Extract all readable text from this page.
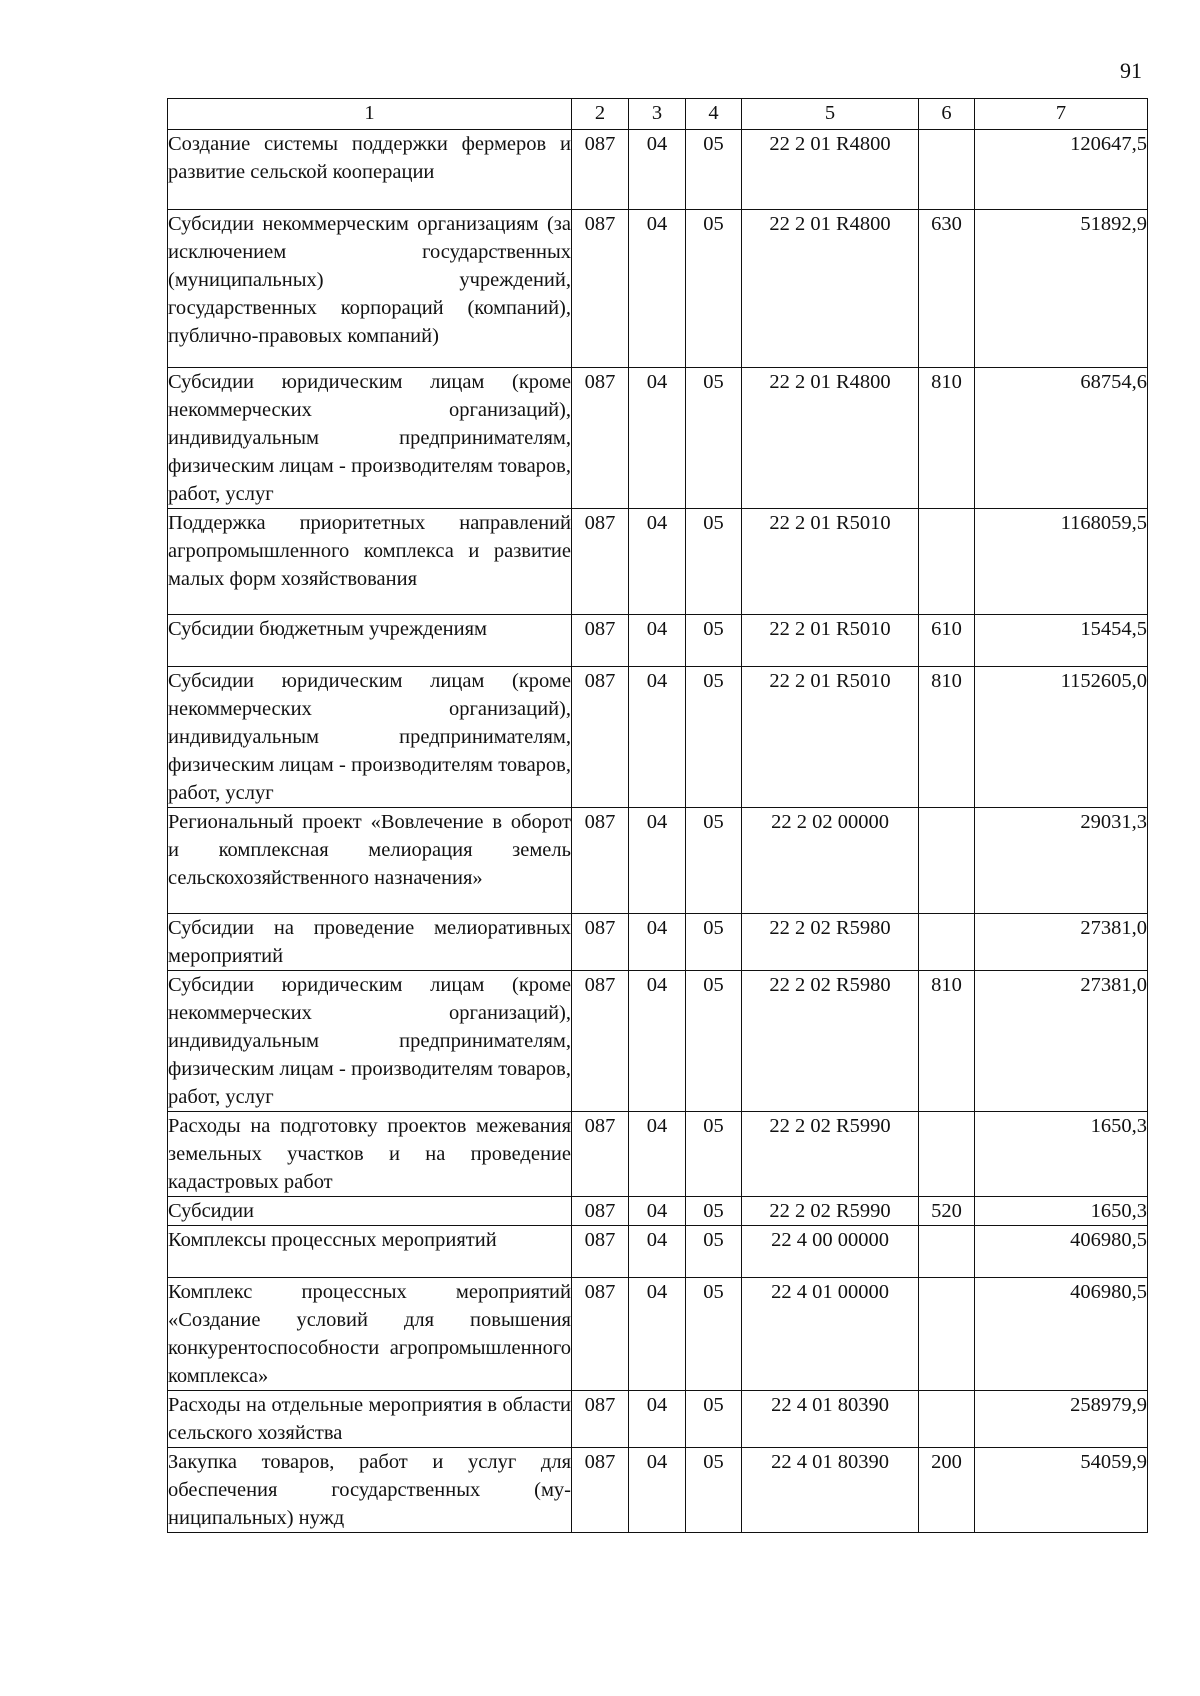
91
1	2	3	4	5	6	7
Создание системы поддержки фермеров и развитие сельской кооперации	087	04	05	22 2 01 R4800		120647,5
Субсидии некоммерческим организациям (за исключением государственных (муниципальных) учреждений, государственных корпораций (компаний), публично-правовых компаний)	087	04	05	22 2 01 R4800	630	51892,9
Субсидии юридическим лицам (кроме некоммерческих организаций), индивидуальным предпринимателям, физическим лицам - производителям товаров, работ, услуг	087	04	05	22 2 01 R4800	810	68754,6
Поддержка приоритетных направлений агропромышленного комплекса и развитие малых форм хозяйствования	087	04	05	22 2 01 R5010		1168059,5
Субсидии бюджетным учреждениям	087	04	05	22 2 01 R5010	610	15454,5
Субсидии юридическим лицам (кроме некоммерческих организаций), индивидуальным предпринимателям, физическим лицам - производителям товаров, работ, услуг	087	04	05	22 2 01 R5010	810	1152605,0
Региональный проект «Вовлечение в оборот и комплексная мелиорация земель сельскохозяйственного назначения»	087	04	05	22 2 02 00000		29031,3
Субсидии на проведение мелиоративных мероприятий	087	04	05	22 2 02 R5980		27381,0
Субсидии юридическим лицам (кроме некоммерческих организаций), индивидуальным предпринимателям, физическим лицам - производителям товаров, работ, услуг	087	04	05	22 2 02 R5980	810	27381,0
Расходы на подготовку проектов межевания земельных участков и на проведение кадастровых работ	087	04	05	22 2 02 R5990		1650,3
Субсидии	087	04	05	22 2 02 R5990	520	1650,3
Комплексы процессных мероприятий	087	04	05	22 4 00 00000		406980,5
Комплекс процессных мероприятий «Создание условий для повышения конкурентоспособности агропромышленного комплекса»	087	04	05	22 4 01 00000		406980,5
Расходы на отдельные мероприятия в области сельского хозяйства	087	04	05	22 4 01 80390		258979,9
Закупка товаров, работ и услуг для обеспечения государственных (муниципальных) нужд	087	04	05	22 4 01 80390	200	54059,9
